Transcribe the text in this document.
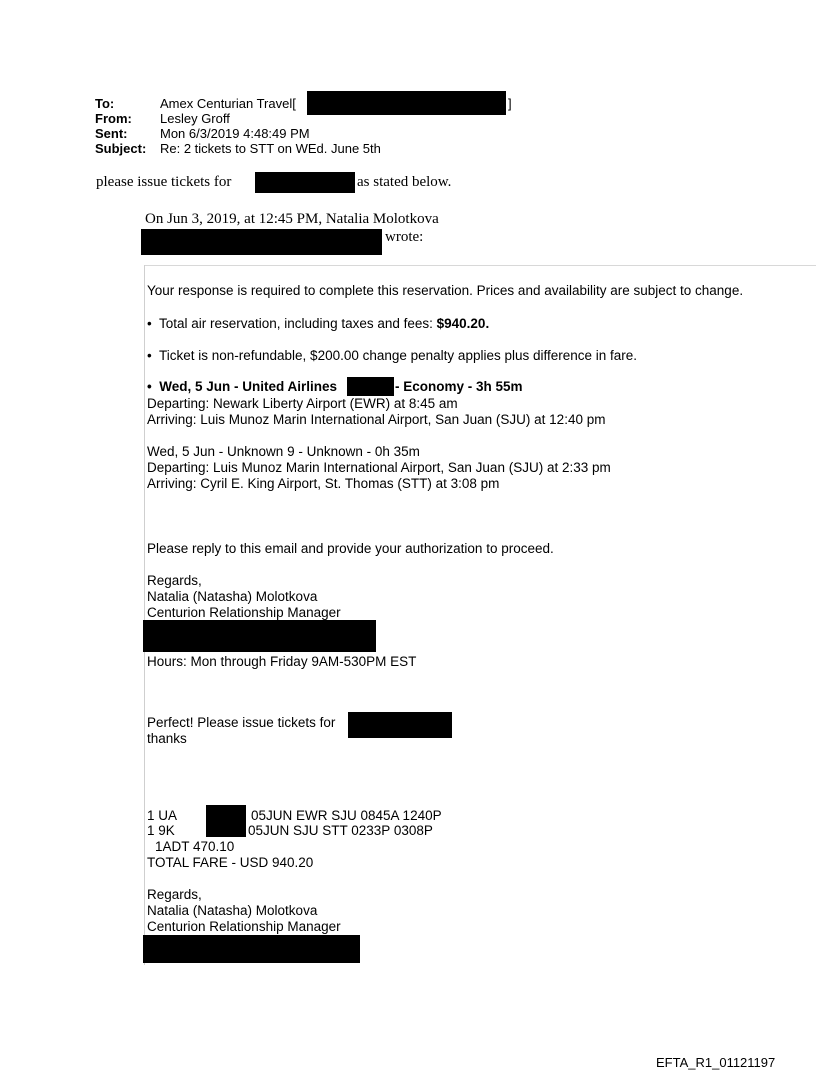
To:	Amex Centurian Travel[	]
From: Lesley Groff
Sent:	Mon 6/3/2019 4:48:49 PM
Subject: Re: 2 tickets to STT on WEd. June 5th
please issue tickets for	as stated below.
On Jun 3, 2019, at 12:45 PM, Natalia Molotkova
wrote:
Your response is required to complete this reservation. Prices and availability are subject to change.
•  Total air reservation, including taxes and fees: $940.20.
•  Ticket is non-refundable, $200.00 change penalty applies plus difference in fare.
•  Wed, 5 Jun - United Airlines	- Economy - 3h 55m
Departing: Newark Liberty Airport (EWR) at 8:45 am
Arriving: Luis Munoz Marin International Airport, San Juan (SJU) at 12:40 pm
Wed, 5 Jun - Unknown 9 - Unknown - 0h 35m
Departing: Luis Munoz Marin International Airport, San Juan (SJU) at 2:33 pm
Arriving: Cyril E. King Airport, St. Thomas (STT) at 3:08 pm
Please reply to this email and provide your authorization to proceed.
Regards,
Natalia (Natasha) Molotkova
Centurion Relationship Manager
Hours: Mon through Friday 9AM-530PM EST
Perfect! Please issue tickets for
thanks
1 UA	05JUN EWR SJU 0845A 1240P
1 9K	05JUN SJU STT 0233P 0308P
1ADT 470.10
TOTAL FARE - USD 940.20
Regards,
Natalia (Natasha) Molotkova
Centurion Relationship Manager
EFTA_R1_01121197
